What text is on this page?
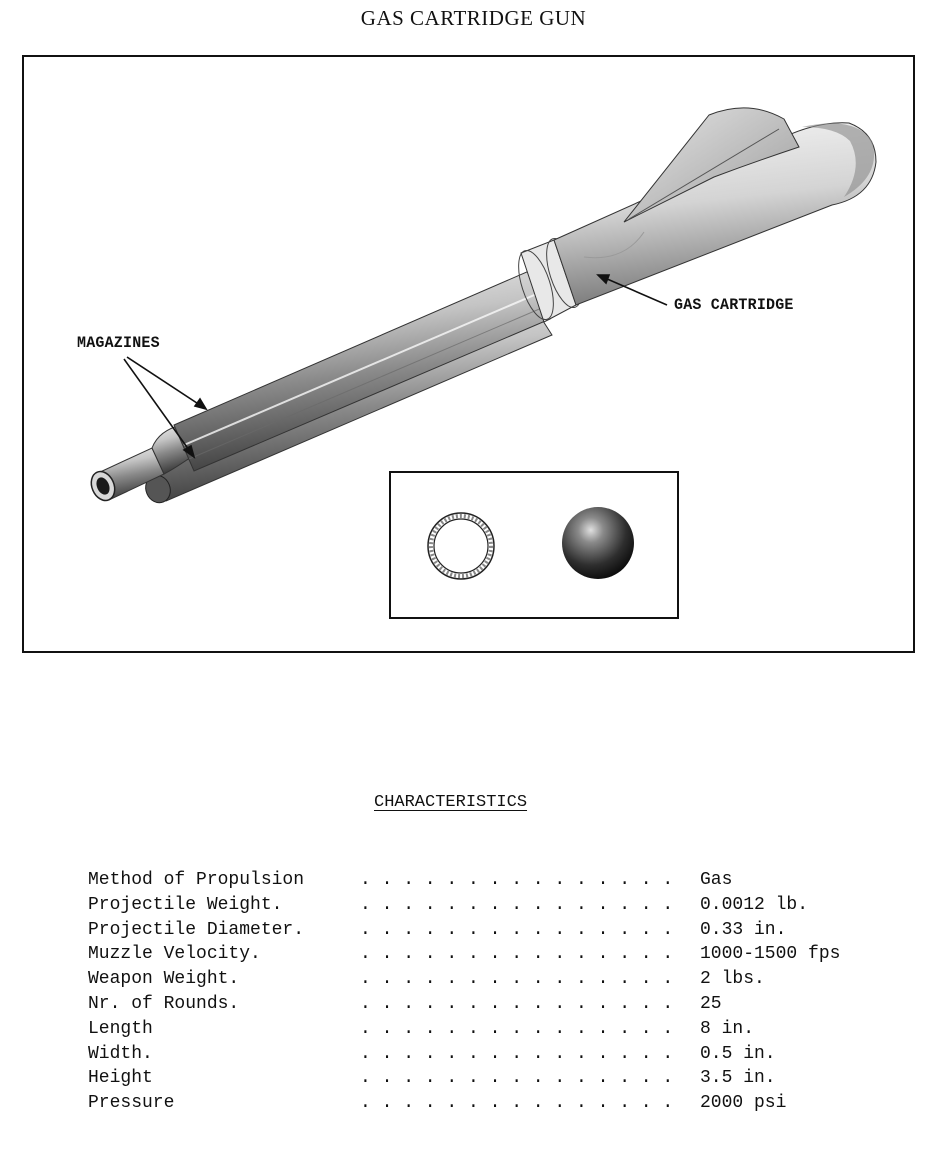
GAS CARTRIDGE GUN
MAGAZINES
GAS CARTRIDGE
CHARACTERISTICS
Method of Propulsion	. . . . . . . . . . . . . . . Gas
Projectile Weight.	. . . . . . . . . . . . . . . 0.0012 lb.
Projectile Diameter.	. . . . . . . . . . . . . . . 0.33 in.
Muzzle Velocity.	. . . . . . . . . . . . . . . 1000-1500 fps
Weapon Weight.	. . . . . . . . . . . . . . . 2 lbs.
Nr. of Rounds.	. . . . . . . . . . . . . . . 25
Length	. . . . . . . . . . . . . . . 8 in.
Width.	. . . . . . . . . . . . . . . 0.5 in.
Height	. . . . . . . . . . . . . . . 3.5 in.
Pressure	. . . . . . . . . . . . . . . 2000 psi
